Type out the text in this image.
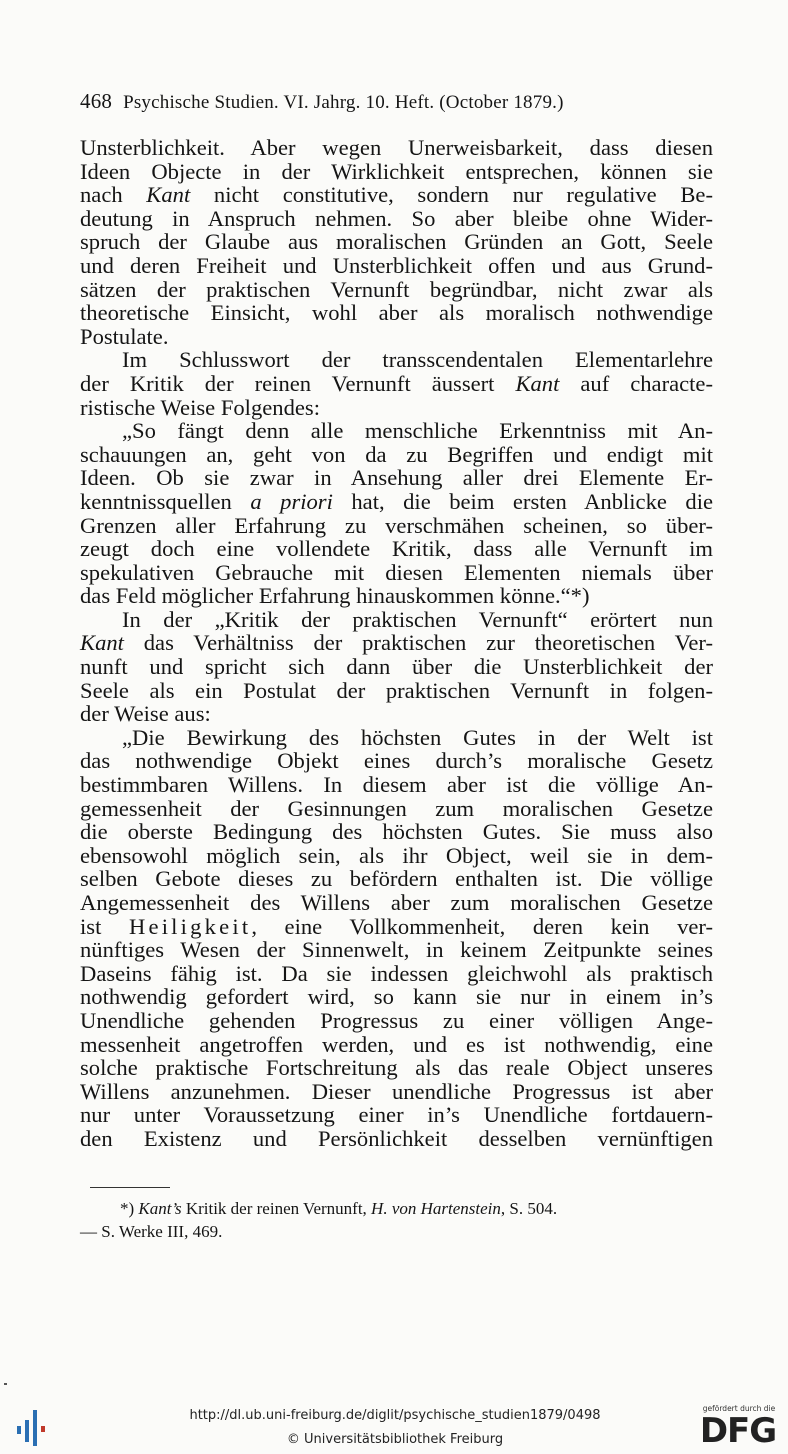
468 Psychische Studien. VI. Jahrg. 10. Heft. (October 1879.)
Unsterblichkeit. Aber wegen Unerweisbarkeit, dass diesen
Ideen Objecte in der Wirklichkeit entsprechen, können sie
nach Kant nicht constitutive, sondern nur regulative Be-
deutung in Anspruch nehmen. So aber bleibe ohne Wider-
spruch der Glaube aus moralischen Gründen an Gott, Seele
und deren Freiheit und Unsterblichkeit offen und aus Grund-
sätzen der praktischen Vernunft begründbar, nicht zwar als
theoretische Einsicht, wohl aber als moralisch nothwendige
Postulate.
Im Schlusswort der transscendentalen Elementarlehre
der Kritik der reinen Vernunft äussert Kant auf characte-
ristische Weise Folgendes:
„So fängt denn alle menschliche Erkenntniss mit An-
schauungen an, geht von da zu Begriffen und endigt mit
Ideen. Ob sie zwar in Ansehung aller drei Elemente Er-
kenntnissquellen a priori hat, die beim ersten Anblicke die
Grenzen aller Erfahrung zu verschmähen scheinen, so über-
zeugt doch eine vollendete Kritik, dass alle Vernunft im
spekulativen Gebrauche mit diesen Elementen niemals über
das Feld möglicher Erfahrung hinauskommen könne.“*)
In der „Kritik der praktischen Vernunft“ erörtert nun
Kant das Verhältniss der praktischen zur theoretischen Ver-
nunft und spricht sich dann über die Unsterblichkeit der
Seele als ein Postulat der praktischen Vernunft in folgen-
der Weise aus:
„Die Bewirkung des höchsten Gutes in der Welt ist
das nothwendige Objekt eines durch’s moralische Gesetz
bestimmbaren Willens. In diesem aber ist die völlige An-
gemessenheit der Gesinnungen zum moralischen Gesetze
die oberste Bedingung des höchsten Gutes. Sie muss also
ebensowohl möglich sein, als ihr Object, weil sie in dem-
selben Gebote dieses zu befördern enthalten ist. Die völlige
Angemessenheit des Willens aber zum moralischen Gesetze
ist Heiligkeit, eine Vollkommenheit, deren kein ver-
nünftiges Wesen der Sinnenwelt, in keinem Zeitpunkte seines
Daseins fähig ist. Da sie indessen gleichwohl als praktisch
nothwendig gefordert wird, so kann sie nur in einem in’s
Unendliche gehenden Progressus zu einer völligen Ange-
messenheit angetroffen werden, und es ist nothwendig, eine
solche praktische Fortschreitung als das reale Object unseres
Willens anzunehmen. Dieser unendliche Progressus ist aber
nur unter Voraussetzung einer in’s Unendliche fortdauern-
den Existenz und Persönlichkeit desselben vernünftigen
*) Kant’s Kritik der reinen Vernunft, H. von Hartenstein, S. 504.
— S. Werke III, 469.
http://dl.ub.uni-freiburg.de/diglit/psychische_studien1879/0498
© Universitätsbibliothek Freiburg
gefördert durch die
DFG
